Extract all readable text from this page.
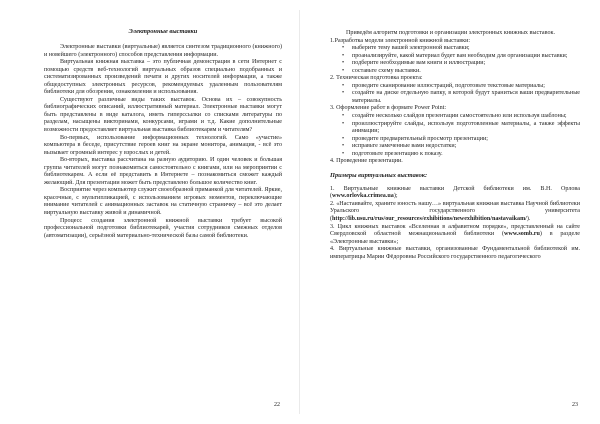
Электронные выставки

Электронные выставки (виртуальные) является синтезом традиционного (книжного) и новейшего (электронного) способов представления информации.

Виртуальная книжная выставка – это публичная демонстрация в сети Интернет с помощью средств веб-технологий виртуальных образов специально подобранных и систематизированных произведений печати и других носителей информации, а также общедоступных электронных ресурсов, рекомендуемых удаленным пользователям библиотеки для обозрения, ознакомления и использования.

Существуют различные виды таких выставок. Основа их – совокупность библиографических описаний, иллюстративный материал. Электронные выставки могут быть представлены в виде каталога, иметь гиперссылки со списками литературы по разделам, насыщены викторинами, конкурсами, играми и т.д. Какие дополнительные возможности предоставляет виртуальная выставка библиотекарям и читателям?

Во-первых, использование информационных технологий. Само «участие» компьютера в беседе, присутствие героев книг на экране монитора, анимация, - всё это вызывает огромный интерес у взрослых и детей.

Во-вторых, выставка рассчитана на разную аудиторию. И один человек и большая группа читателей могут познакомиться самостоятельно с книгами, или на мероприятии с библиотекарем. А если её представить в Интернете – познакомиться сможет каждый желающий. Для презентации может быть представлено большое количество книг.

Восприятие через компьютер служит своеобразной приманкой для читателей. Яркие, красочные, с мультипликацией, с использованием игровых моментов, переключающие внимание читателей с анимационных заставок на статичную страничку – всё это делает виртуальную выставку живой и динамичной.

Процесс создания электронной книжной выставки требует высокой профессиональной подготовки библиотекарей, участия сотрудников смежных отделов (автоматизации), серьёзной материально-технической базы самой библиотеки.

22

Приведём алгоритм подготовки и организации электронных книжных выставок.

1.Разработка модели электронной книжной выставки:
• выберите тему вашей электронной выставки;
• проанализируйте, какой материал будет вам необходим для организации выставки;
• подберите необходимые вам книги и иллюстрации;
• составьте схему выставки.
2. Техническая подготовка проекта:
• проведите сканирование иллюстраций, подготовьте текстовые материалы;
• создайте на диске отдельную папку, в которой будут храниться ваши предварительные материалы.
3. Оформление работ в формате Power Point:
• создайте несколько слайдов презентации самостоятельно или используя шаблоны;
• проиллюстрируйте слайды, используя подготовленные материалы, а также эффекты анимации;
• проведите предварительный просмотр презентации;
• исправьте замеченные вами недостатки;
• подготовьте презентацию к показу.
4. Проведение презентации.
Примеры виртуальных выставок:

1. Виртуальные книжные выставки Детской библиотеки им. В.Н. Орловa (www.orlovka.crimea.ua);

2. «Настаивайте, храните юность нашу…» виртуальная книжная выставка Научной библиотеки Уральского государственного университета (http://lib.usu.ru/rus/our_resources/exhibitions/newexhibition/nastavaikam/).

3. Цикл книжных выставок «Вселенная в алфавитном порядке», представленный на сайте Свердловской областной межнациональной библиотеки (www.somb.ru) в разделе «Электронные выставки»;

4. Виртуальные книжные выставки, организованные Фундаментальной библиотекой им. императрицы Марии Фёдоровны Российского государственного педагогического

23
